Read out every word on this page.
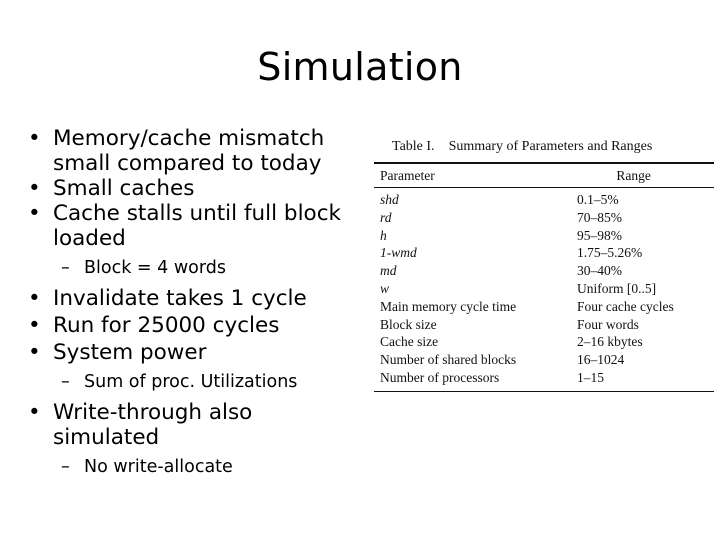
Simulation
• Memory/cache mismatch small compared to today
• Small caches
• Cache stalls until full block loaded
– Block = 4 words
• Invalidate takes 1 cycle
• Run for 25000 cycles
• System power
– Sum of proc. Utilizations
• Write-through also simulated
– No write-allocate
Table I. Summary of Parameters and Ranges
Parameter	Range
shd	0.1–5%
rd	70–85%
h	95–98%
1-wmd	1.75–5.26%
md	30–40%
w	Uniform [0..5]
Main memory cycle time	Four cache cycles
Block size	Four words
Cache size	2–16 kbytes
Number of shared blocks	16–1024
Number of processors	1–15
